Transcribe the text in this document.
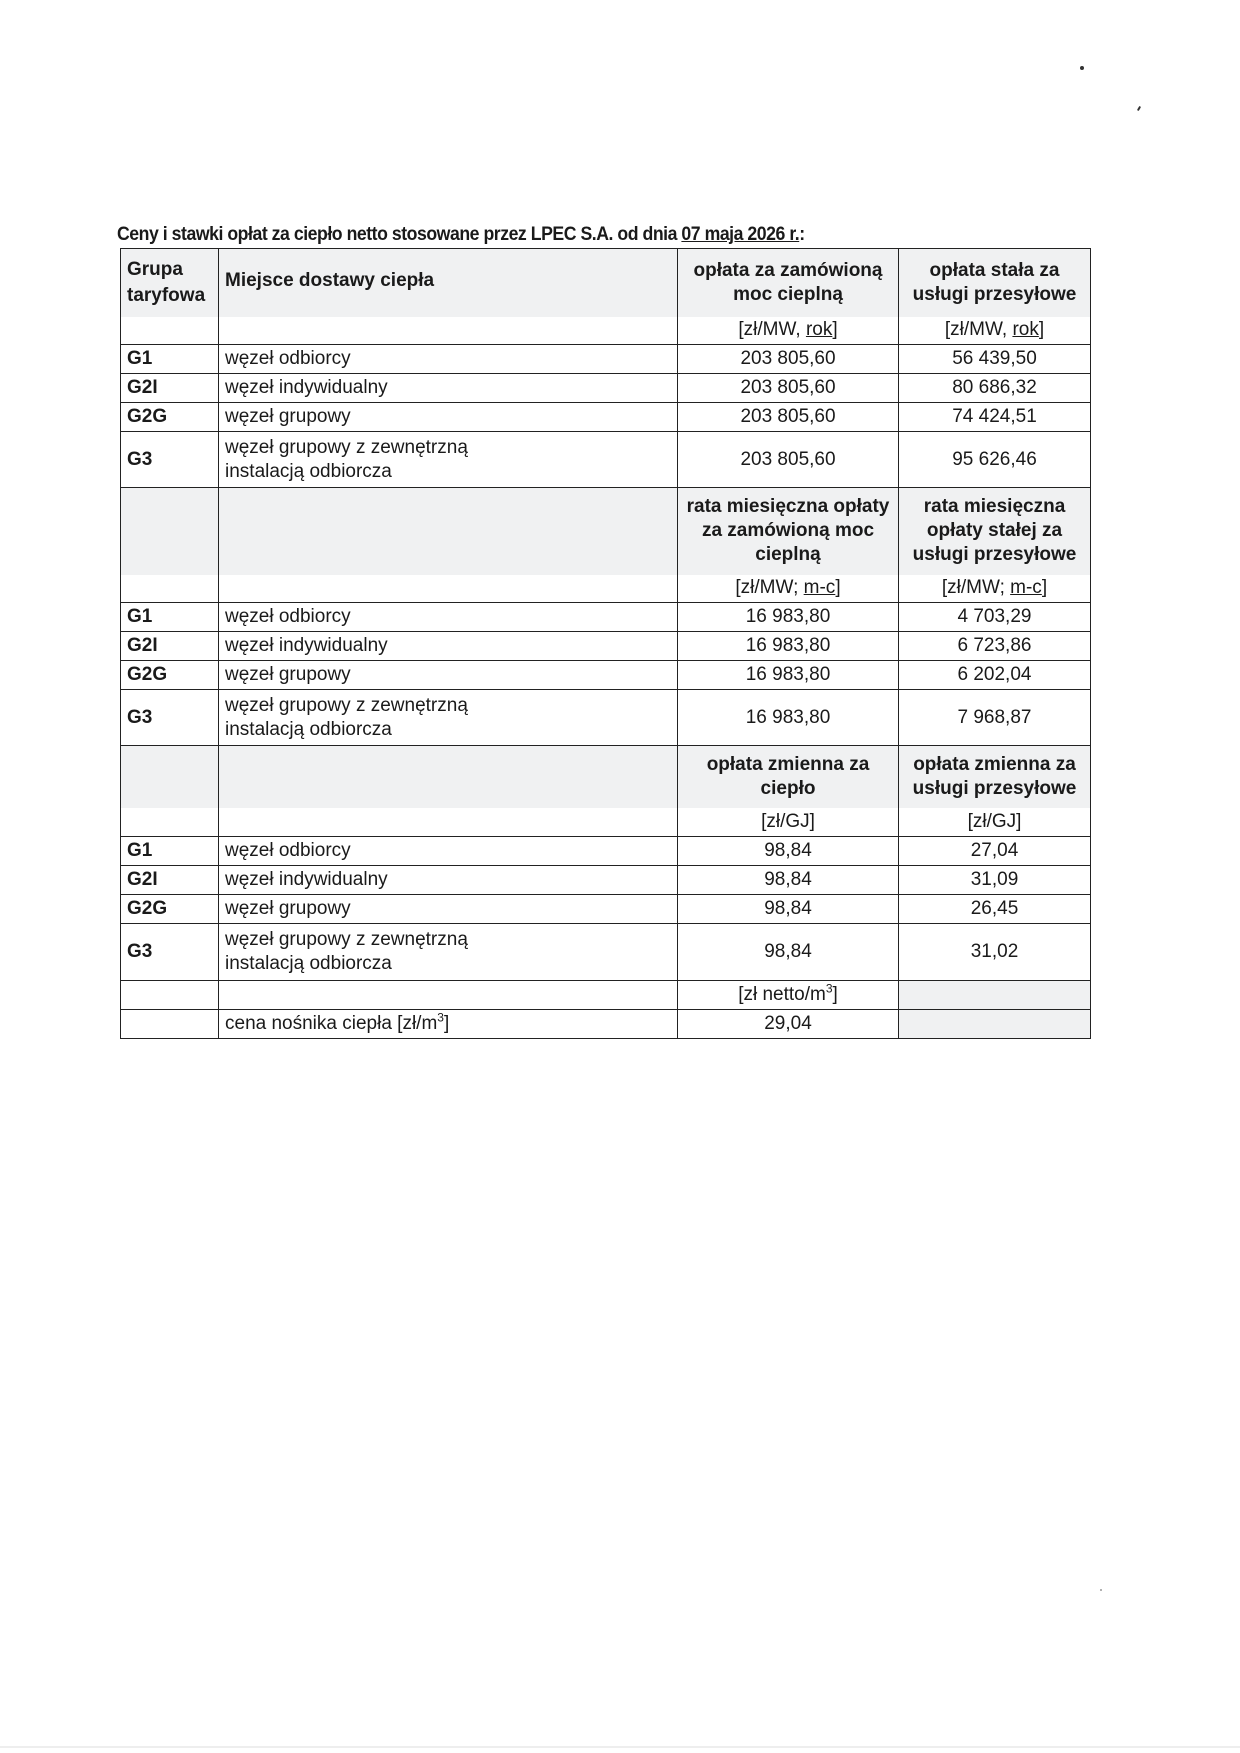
Ceny i stawki opłat za ciepło netto stosowane przez LPEC S.A. od dnia 07 maja 2026 r.:
Grupa taryfowa	Miejsce dostawy ciepła	opłata za zamówioną moc cieplną	opłata stała za usługi przesyłowe
		[zł/MW, rok]	[zł/MW, rok]
G1	węzeł odbiorcy	203 805,60	56 439,50
G2I	węzeł indywidualny	203 805,60	80 686,32
G2G	węzeł grupowy	203 805,60	74 424,51
G3	węzeł grupowy z zewnętrzną instalacją odbiorcza	203 805,60	95 626,46
		rata miesięczna opłaty za zamówioną moc cieplną	rata miesięczna opłaty stałej za usługi przesyłowe
		[zł/MW; m-c]	[zł/MW; m-c]
G1	węzeł odbiorcy	16 983,80	4 703,29
G2I	węzeł indywidualny	16 983,80	6 723,86
G2G	węzeł grupowy	16 983,80	6 202,04
G3	węzeł grupowy z zewnętrzną instalacją odbiorcza	16 983,80	7 968,87
		opłata zmienna za ciepło	opłata zmienna za usługi przesyłowe
		[zł/GJ]	[zł/GJ]
G1	węzeł odbiorcy	98,84	27,04
G2I	węzeł indywidualny	98,84	31,09
G2G	węzeł grupowy	98,84	26,45
G3	węzeł grupowy z zewnętrzną instalacją odbiorcza	98,84	31,02
		[zł netto/$m^3$]	
	cena nośnika ciepła $[zł/m^3]$	29,04	
